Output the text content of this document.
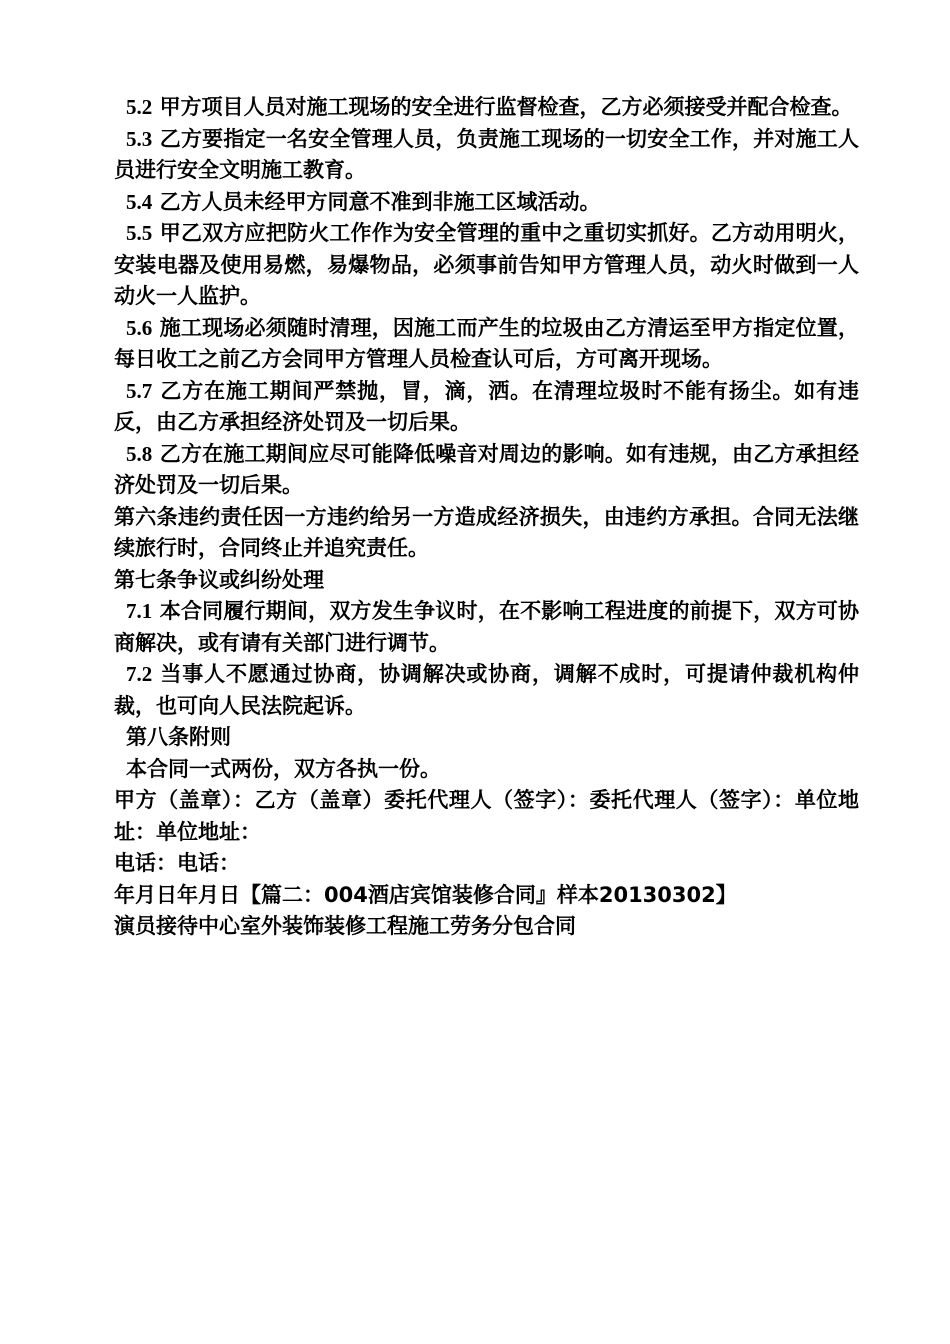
5.2 甲方项目人员对施工现场的安全进行监督检查，乙方必须接受并配合检查。

5.3 乙方要指定一名安全管理人员，负责施工现场的一切安全工作，并对施工人员进行安全文明施工教育。

5.4 乙方人员未经甲方同意不准到非施工区域活动。

5.5 甲乙双方应把防火工作作为安全管理的重中之重切实抓好。乙方动用明火，安装电器及使用易燃，易爆物品，必须事前告知甲方管理人员，动火时做到一人动火一人监护。

5.6 施工现场必须随时清理，因施工而产生的垃圾由乙方清运至甲方指定位置，每日收工之前乙方会同甲方管理人员检查认可后，方可离开现场。

5.7 乙方在施工期间严禁抛，冒，滴，洒。在清理垃圾时不能有扬尘。如有违反，由乙方承担经济处罚及一切后果。

5.8 乙方在施工期间应尽可能降低噪音对周边的影响。如有违规，由乙方承担经济处罚及一切后果。

第六条违约责任因一方违约给另一方造成经济损失，由违约方承担。合同无法继续旅行时，合同终止并追究责任。

第七条争议或纠纷处理

7.1 本合同履行期间，双方发生争议时，在不影响工程进度的前提下，双方可协商解决，或有请有关部门进行调节。

7.2 当事人不愿通过协商，协调解决或协商，调解不成时，可提请仲裁机构仲裁，也可向人民法院起诉。

第八条附则

本合同一式两份，双方各执一份。

甲方（盖章）：乙方（盖章）委托代理人（签字）：委托代理人（签字）：单位地址：单位地址：

电话：电话：

年月日年月日【篇二：004酒店宾馆装修合同』样本20130302】

演员接待中心室外装饰装修工程施工劳务分包合同
